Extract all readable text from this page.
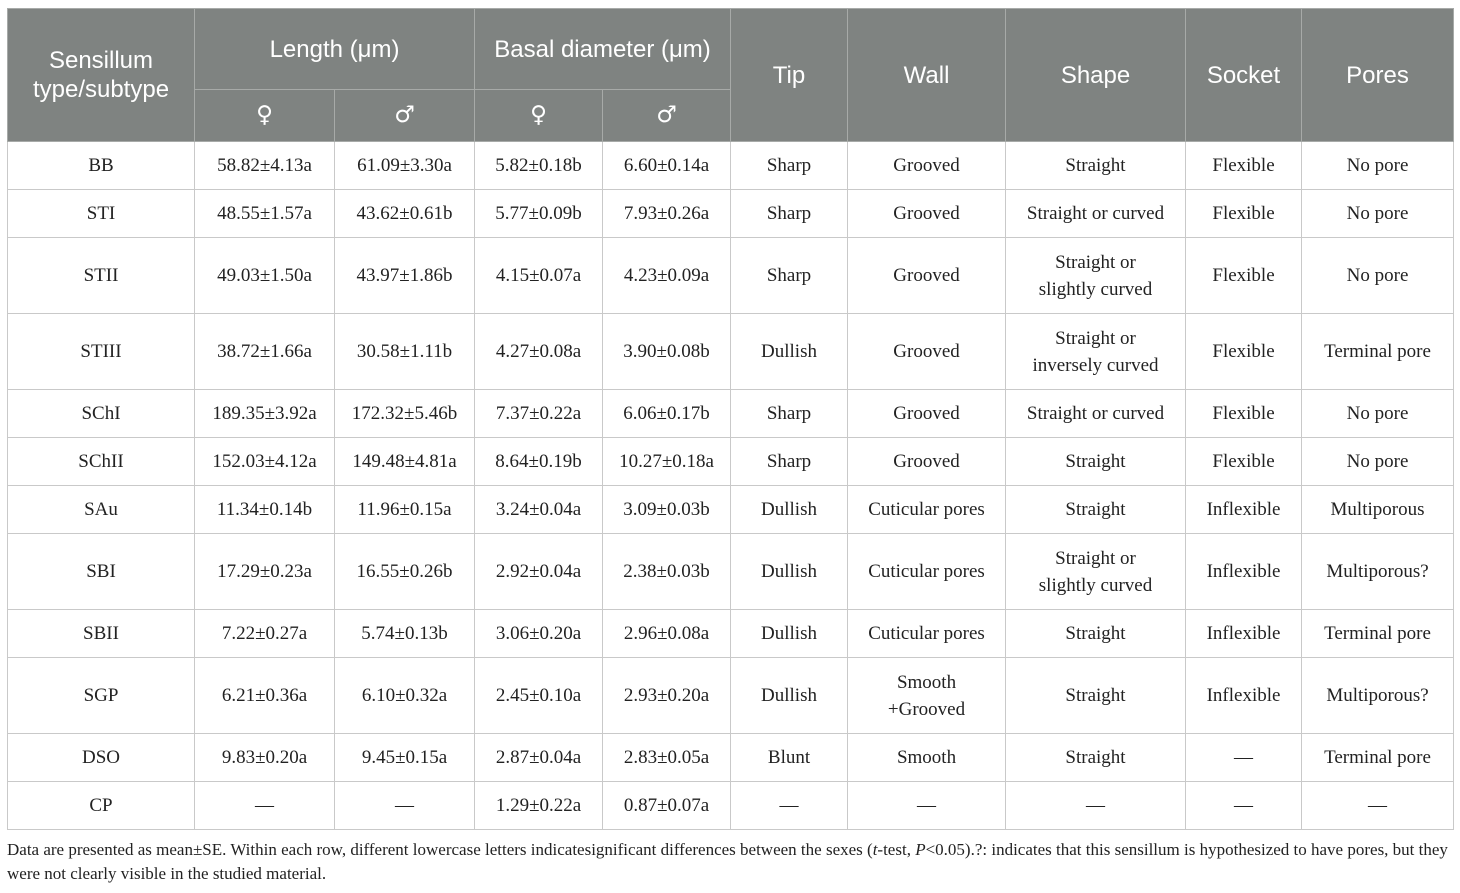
Sensillum type/subtype	Length (μm)		Basal diameter (μm)		Tip	Wall	Shape	Socket	Pores
	♀	♂	♀	♂					
BB	58.82±4.13a	61.09±3.30a	5.82±0.18b	6.60±0.14a	Sharp	Grooved	Straight	Flexible	No pore
STI	48.55±1.57a	43.62±0.61b	5.77±0.09b	7.93±0.26a	Sharp	Grooved	Straight or curved	Flexible	No pore
STII	49.03±1.50a	43.97±1.86b	4.15±0.07a	4.23±0.09a	Sharp	Grooved	Straight or
slightly curved	Flexible	No pore
STIII	38.72±1.66a	30.58±1.11b	4.27±0.08a	3.90±0.08b	Dullish	Grooved	Straight or
inversely curved	Flexible	Terminal pore
SChI	189.35±3.92a	172.32±5.46b	7.37±0.22a	6.06±0.17b	Sharp	Grooved	Straight or curved	Flexible	No pore
SChII	152.03±4.12a	149.48±4.81a	8.64±0.19b	10.27±0.18a	Sharp	Grooved	Straight	Flexible	No pore
SAu	11.34±0.14b	11.96±0.15a	3.24±0.04a	3.09±0.03b	Dullish	Cuticular pores	Straight	Inflexible	Multiporous
SBI	17.29±0.23a	16.55±0.26b	2.92±0.04a	2.38±0.03b	Dullish	Cuticular pores	Straight or
slightly curved	Inflexible	Multiporous?
SBII	7.22±0.27a	5.74±0.13b	3.06±0.20a	2.96±0.08a	Dullish	Cuticular pores	Straight	Inflexible	Terminal pore
SGP	6.21±0.36a	6.10±0.32a	2.45±0.10a	2.93±0.20a	Dullish	Smooth
+Grooved	Straight	Inflexible	Multiporous?
DSO	9.83±0.20a	9.45±0.15a	2.87±0.04a	2.83±0.05a	Blunt	Smooth	Straight	—	Terminal pore
CP	—	—	1.29±0.22a	0.87±0.07a	—	—	—	—	—
Data are presented as mean±SE. Within each row, different lowercase letters indicatesignificant differences between the sexes (t-test, P<0.05).?: indicates that this sensillum is hypothesized to have pores, but they were not clearly visible in the studied material.
